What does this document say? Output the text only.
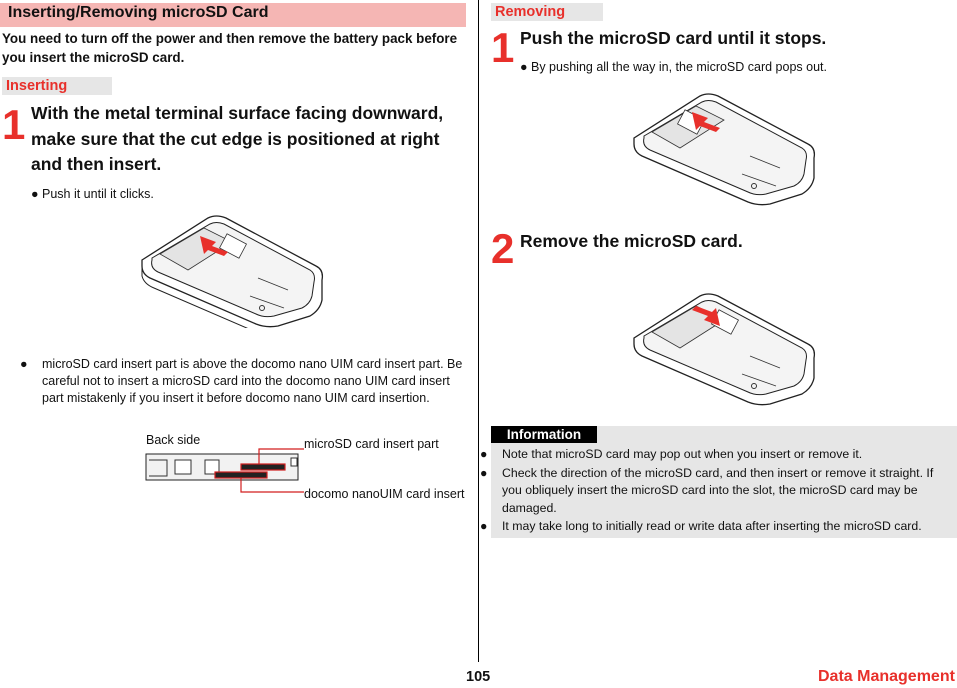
Inserting/Removing microSD Card
You need to turn off the power and then remove the battery pack before you insert the microSD card.
Inserting
1 With the metal terminal surface facing downward, make sure that the cut edge is positioned at right and then insert.
● Push it until it clicks.
● microSD card insert part is above the docomo nano UIM card insert part. Be careful not to insert a microSD card into the docomo nano UIM card insert part mistakenly if you insert it before docomo nano UIM card insertion.
Back side	microSD card insert part
docomo nanoUIM card insert
Removing
1 Push the microSD card until it stops.
● By pushing all the way in, the microSD card pops out.
2 Remove the microSD card.
Information
● Note that microSD card may pop out when you insert or remove it.
● Check the direction of the microSD card, and then insert or remove it straight. If you obliquely insert the microSD card into the slot, the microSD card may be damaged.
● It may take long to initially read or write data after inserting the microSD card.
105	Data Management
